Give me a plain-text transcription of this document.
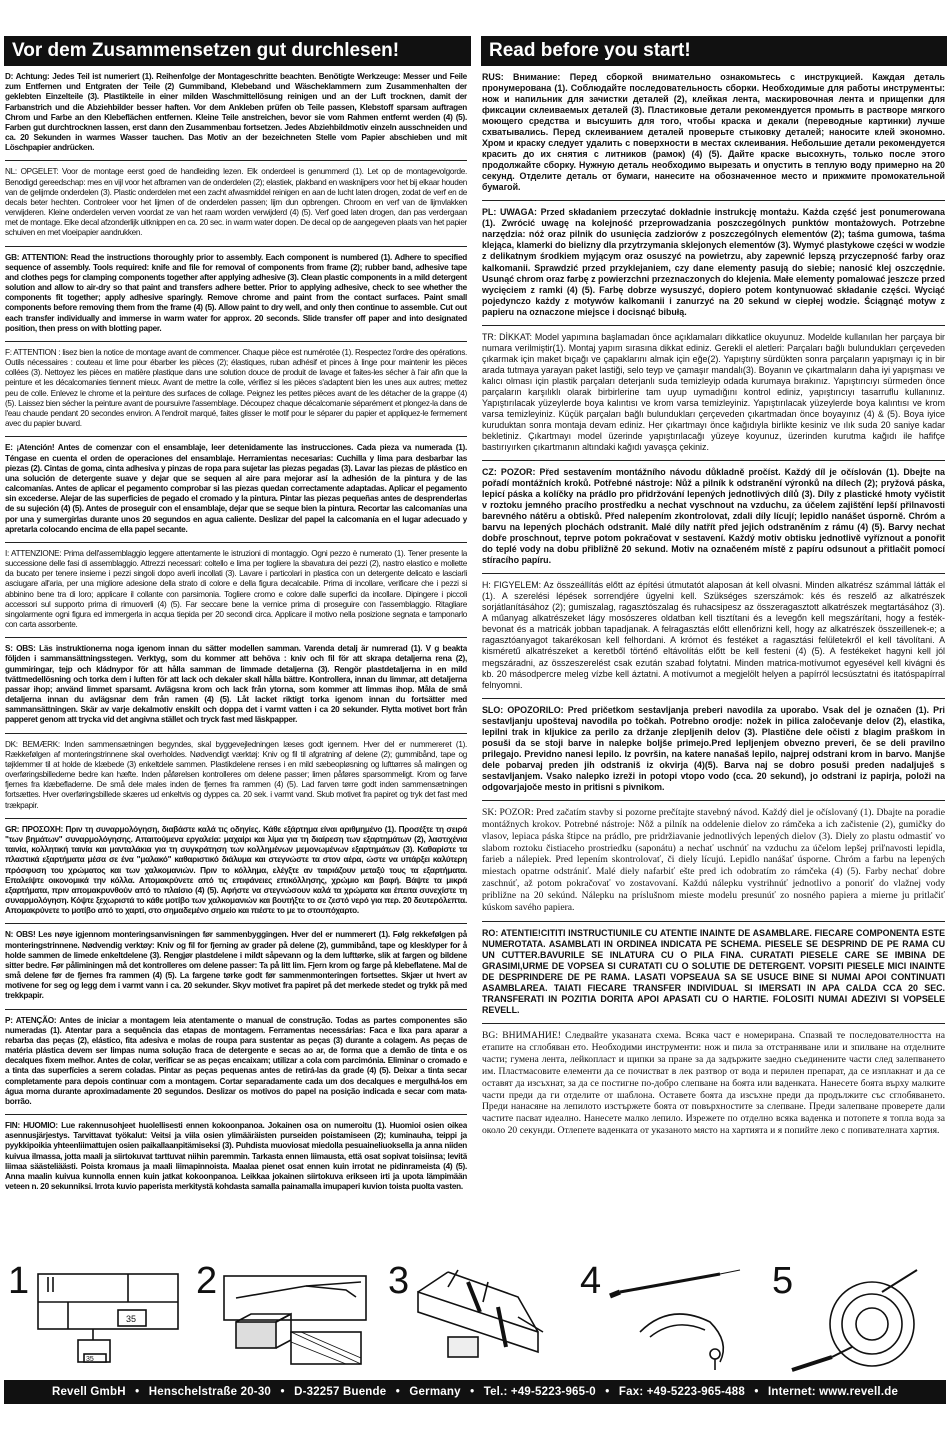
Vor dem Zusammensetzen gut durchlesen!	Read before you start!

D: Achtung: Jedes Teil ist numeriert (1). Reihenfolge der Montageschritte beachten. Benötigte Werkzeuge: Messer und Feile zum Entfernen und Entgraten der Teile (2) Gummiband, Klebeband und Wäscheklammern zum Zusammenhalten der geklebten Einzelteile (3). Plastikteile in einer milden Waschmittellösung reinigen und an der Luft trocknen, damit der Farbanstrich und die Abziehbilder besser haften. Vor dem Ankleben prüfen ob Teile passen, Klebstoff sparsam auftragen Chrom und Farbe an den Klebeflächen entfernen. Kleine Teile anstreichen, bevor sie vom Rahmen entfernt werden (4) (5). Farben gut durchtrocknen lassen, erst dann den Zusammenbau fortsetzen. Jedes Abziehbildmotiv einzeln ausschneiden und ca. 20 Sekunden in warmes Wasser tauchen. Das Motiv an der bezeichneten Stelle vom Papier abschieben und mit Löschpapier andrücken.

NL: OPGELET: Voor de montage eerst goed de handleiding lezen. Elk onderdeel is genummerd (1). Let op de montagevolgorde. Benodigd gereedschap: mes en vijl voor het afbramen van de onderdelen (2); elastiek, plakband en wasknijpers voor het bij elkaar houden van de gelijmde onderdelen (3). Plastic onderdelen met een zacht afwasmiddel reinigen en aan de lucht laten drogen, zodat de verf en de decals beter hechten. Controleer voor het lijmen of de onderdelen passen; lijm dun opbrengen. Chroom en verf van de lijmvlakken verwijderen. Kleine onderdelen verven voordat ze van het raam worden verwijderd (4) (5). Verf goed laten drogen, dan pas verdergaan met de montage. Elke decal afzonderlijk uitknippen en ca. 20 sec. in warm water dopen. De decal op de aangegeven plaats van het papier schuiven en met vloeipapier aandrukken.

GB: ATTENTION: Read the instructions thoroughly prior to assembly. Each component is numbered (1). Adhere to specified sequence of assembly. Tools required: knife and file for removal of components from frame (2); rubber band, adhesive tape and clothes pegs for clamping components together after applying adhesive (3). Clean plastic components in a mild detergent solution and allow to air-dry so that paint and transfers adhere better. Prior to applying adhesive, check to see whether the components fit together; apply adhesive sparingly. Remove chrome and paint from the contact surfaces. Paint small components before removing them from the frame (4) (5). Allow paint to dry well, and only then continue to assemble. Cut out each transfer individually and immerse in warm water for approx. 20 seconds. Slide transfer off paper and into designated position, then press on with blotting paper.

F: ATTENTION : lisez bien la notice de montage avant de commencer. Chaque pièce est numérotée (1). Respectez l'ordre des opérations. Outils nécessaires : couteau et lime pour ébarber les pièces (2); élastiques, ruban adhésif et pinces à linge pour maintenir les pièces collées (3). Nettoyez les pièces en matière plastique dans une solution douce de produit de lavage et faites-les sécher à l'air afin que la peinture et les décalcomanies tiennent mieux. Avant de mettre la colle, vérifiez si les pièces s'adaptent bien les unes aux autres; mettez peu de colle. Enlevez le chrome et la peinture des surfaces de collage. Peignez les petites pièces avant de les détacher de la grappe (4)(5). Laissez bien sécher la peinture avant de poursuivre l'assemblage. Découpez chaque décalcomanie séparément et plongez-la dans de l'eau chaude pendant 20 secondes environ. A l'endroit marqué, faites glisser le motif pour le séparer du papier et appliquez-le fermement avec du papier buvard.

E: ¡Atención! Antes de comenzar con el ensamblaje, leer detenidamente las instrucciones. Cada pieza va numerada (1). Téngase en cuenta el orden de operaciones del ensamblaje. Herramientas necesarias: Cuchilla y lima para desbarbar las piezas (2). Cintas de goma, cinta adhesiva y pinzas de ropa para sujetar las piezas pegadas (3). Lavar las piezas de plástico en una solución de detergente suave y dejar que se sequen al aire para mejorar así la adhesión de la pintura y de las calcomanías. Antes de aplicar el pegamento comprobar si las piezas quedan correctamente adaptadas. Aplicar el pegamento sin excederse. Alejar de las superficies de pegado el cromado y la pintura. Pintar las piezas pequeñas antes de desprenderlas de su sujeción (4) (5). Antes de proseguir con el ensamblaje, dejar que se seque bien la pintura. Recortar las calcomanías una por una y sumergirlas durante unos 20 segundos en agua caliente. Deslizar del papel la calcomanía en el lugar adecuado y apretarla colocando encima de ella papel secante.

I: ATTENZIONE: Prima dell'assemblaggio leggere attentamente le istruzioni di montaggio. Ogni pezzo è numerato (1). Tener presente la successione delle fasi di assemblaggio. Attrezzi necessari: coltello e lima per togliere la sbavatura dei pezzi (2), nastro elastico e mollette da bucato per tenere insieme i pezzi singoli dopo averli incollati (3). Lavare i particolari in plastica con un detergente delicato e lasciarli asciugare all'aria, per una migliore adesione della strato di colore e della figura decalcabile. Prima di incollare, verificare che i pezzi si abbinino bene tra di loro; applicare il collante con parsimonia. Togliere cromo e colore dalle superfici da incollare. Dipingere i piccoli accessori sul supporto prima di rimuoverli (4) (5). Far seccare bene la vernice prima di proseguire con l'assemblaggio. Ritagliare singolarmente ogni figura ed immergerla in acqua tiepida per 20 secondi circa. Applicare il motivo nella posizione segnata e tamponarlo con carta assorbente.

S: OBS: Läs instruktionerna noga igenom innan du sätter modellen samman. Varenda detalj är numrerad (1). V g beakta följden i sammansättningsstegen. Verktyg, som du kommer att behöva : kniv och fil för att skrapa detaljerna rena (2), gummiringar, tejp och kládnypor för att hålla samman de limmade detaljerna (3). Rengör plastdetaljerna in en mild tvättmedellösning och torka dem i luften för att lack och dekaler skall hålla bättre. Kontrollera, innan du limmar, att detaljerna passar ihop; använd limmet sparsamt. Avlägsna krom och lack från ytorna, som kommer att limmas ihop. Måla de små detaljerna innan du avlägsnar dem från ramen (4) (5). Låt lacket riktigt torka igenom innan du fortsätter med sammansättningen. Skär av varje dekalmotiv enskilt och doppa det i varmt vatten i ca 20 sekunder. Flytta motivet bort från papperet genom att trycka vid det angivna stället och tryck fast med läskpapper.

DK: BEMÆRK: Inden sammensætningen begyndes, skal byggevejledningen læses godt igennem. Hver del er nummereret (1). Rækkefølgen af monteringstrinnene skal overholdes. Nødvendigt værktøj: Kniv og fil til afgratning af delene (2); gummibånd, tape og tøjklemmer til at holde de klæbede (3) enkeltdele sammen. Plastikdelene renses i en mild sæbeopløsning og lufttørres så malingen og overføringsbillederne bedre kan hæfte. Inden påførelsen kontrolleres om delene passer; limen påføres sparsommeligt. Krom og farve fjernes fra klæbefladerne. De små dele males inden de fjernes fra rammen (4) (5). Lad farven tørre godt inden sammensætningen fortsættes. Hver overføringsbillede skæres ud enkeltvis og dyppes ca. 20 sek. i varmt vand. Skub motivet fra papiret og tryk det fast med trækpapir.

GR: ΠΡΟΣΟΧΗ: Πριν τη συναρμολόγηση, διαβάστε καλά τις οδηγίες. Κάθε εξάρτημα είναι αριθμημένο (1). Προσέξτε τη σειρά "των βημάτων" συναρμολόγησης. Απαιτούμενα εργαλεία: μαχαίρι και λίμα για τη διαίρεση των εξαρτημάτων (2), λαστιχένια ταινία, κολλητική ταινία και μανταλάκια για τη συγκράτηση των κολλημένων μεμονωμένων εξαρτημάτων (3). Καθαρίστε τα πλαστικά εξαρτήματα μέσα σε ένα "μαλακό" καθαριστικό διάλυμα και στεγνώστε τα στον αέρα, ώστε να υπάρξει καλύτερη πρόσφυση του χρώματος και των χαλκομανιών. Πριν το κόλλημα, ελέγξτε αν ταιριάζουν μεταξύ τους τα εξαρτήματα. Επαλείψτε οικονομικά την κόλλα. Απομακρύνετε από τις επιφάνειες επικόλλησης, χρώμιο και βαφή. Βάψτε τα μικρά εξαρτήματα, πριν απομακρυνθούν από το πλαίσιο (4) (5). Αφήστε να στεγνώσουν καλά τα χρώματα και έπειτα συνεχίστε τη συναρμολόγηση. Κόψτε ξεχωριστά το κάθε μοτίβο των χαλκομανιών και βουτήξτε το σε ζεστό νερό για περ. 20 δευτερόλεπτα. Απομακρύνετε το μοτίβο από το χαρτί, στο σημαδεμένο σημείο και πιέστε το με το στουπόχαρτο.

N: OBS! Les nøye igjennom monteringsanvisningen før sammenbyggingen. Hver del er nummerert (1). Følg rekkefølgen på monteringstrinnene. Nødvendig verktøy: Kniv og fil for fjerning av grader på delene (2), gummibånd, tape og klesklyper for å holde sammen de limede enkeltdelene (3). Rengjør plastdelene i mildt såpevann og la dem lufttørke, slik at fargen og bildene sitter bedre. Før påliminingen må det kontrolleres om delene passer: Ta på litt lim. Fjern krom og farge på klebeflatene. Mal de små delene før de fjernes fra rammen (4) (5). La fargene tørke godt før sammenmonteringen fortsettes. Skjær ut hvert av motivene for seg og legg dem i varmt vann i ca. 20 sekunder. Skyv motivet fra papiret på det merkede stedet og trykk på med trekkpapir.

P: ATENÇÃO: Antes de iniciar a montagem leia atentamente o manual de construção. Todas as partes componentes são numeradas (1). Atentar para a sequência das etapas de montagem. Ferramentas necessárias: Faca e lixa para aparar a rebarba das peças (2), elástico, fita adesiva e molas de roupa para sustentar as peças (3) durante a colagem. As peças de matéria plástica devem ser limpas numa solução fraca de detergente e secas ao ar, de forma que a demão de tinta e os decalques fixem melhor. Antes de colar, verificar se as peças encaixam; utilizar a cola com parcimónia. Eliminar o cromado e a tinta das superfícies a serem coladas. Pintar as peças pequenas antes de retirá-las da grade (4) (5). Deixar a tinta secar completamente para depois continuar com a montagem. Cortar separadamente cada um dos decalques e mergulhá-los em água morna durante aproximadamente 20 segundos. Deslizar os motivos do papel na posição indicada e secar com mata-borrão.

FIN: HUOMIO: Lue rakennusohjeet huolellisesti ennen kokoonpanoa. Jokainen osa on numeroitu (1). Huomioi osien oikea asennusjärjestys. Tarvittavat työkalut: Veitsi ja viila osien ylimääräisten purseiden poistamiseen (2); kuminauha, teippi ja pyykkipoikia yhteenliimattujen osien paikallaanpitämiseksi (3). Puhdista muoviosat miedolla pesuaineliuoksella ja anna niiden kuivua ilmassa, jotta maali ja siirtokuvat tarttuvat niihin paremmin. Tarkasta ennen liimausta, että osat sopivat toisiinsa; levitä liimaa säästeliäästi. Poista kromaus ja maali liimapinnoista. Maalaa pienet osat ennen kuin irrotat ne pidinrameista (4) (5). Anna maalin kuivua kunnolla ennen kuin jatkat kokoonpanoa. Leikkaa jokainen siirtokuva erikseen irti ja upota lämpimään veteen n. 20 sekunniksi. Irrota kuvio paperista merkitystä kohdasta samalla painamalla imupaperi kuvion toista puolta vasten.

RUS: Внимание: Перед сборкой внимательно ознакомьтесь с инструкцией. Каждая деталь пронумерована (1). Соблюдайте последовательность сборки. Необходимые для работы инструменты: нож и напильник для зачистки деталей (2), клейкая лента, маскировочная лента и прищепки для фиксации склеиваемых деталей (3). Пластиковые детали рекомендуется промыть в растворе мягкого моющего средства и высушить для того, чтобы краска и декали (переводные картинки) лучше схватывались. Перед склеиванием деталей проверьте стыковку деталей; наносите клей экономно. Хром и краску следует удалить с поверхности в местах склеивания. Небольшие детали рекомендуется красить до их снятия с литников (рамок) (4) (5). Дайте краске высохнуть, только после этого продолжайте сборку. Нужную деталь необходимо вырезать и опустить в теплую воду примерно на 20 секунд. Отделите деталь от бумаги, нанесите на обозначенное место и прижмите промокательной бумагой.

PL: UWAGA: Przed składaniem przeczytać dokładnie instrukcję montażu. Każda część jest ponumerowana (1). Zwrócić uwagę na kolejność przeprowadzania poszczególnych punktów montażowych. Potrzebne narzędzia: nóż oraz pilnik do usunięcia zadziorów z poszczególnych elementów (2); taśma gumowa, taśma klejąca, klamerki do bielizny dla przytrzymania sklejonych elementów (3). Wymyć plastykowe części w wodzie z delikatnym środkiem myjącym oraz osuszyć na powietrzu, aby zapewnić lepszą przyczepność farby oraz kalkomanii. Sprawdzić przed przyklejaniem, czy dane elementy pasują do siebie; nanosić klej oszczędnie. Usunąć chrom oraz farbę z powierzchni przeznaczonych do klejenia. Małe elementy pomalować jeszcze przed wycięciem z ramki (4) (5). Farbę dobrze wysuszyć, dopiero potem kontynuować składanie części. Wyciąć pojedynczo każdy z motywów kalkomanii i zanurzyć na 20 sekund w ciepłej wodzie. Ściągnąć motyw z papieru na oznaczone miejsce i docisnąć bibułą.

TR: DİKKAT: Model yapımına başlamadan önce açıklamaları dikkatlice okuyunuz. Modelde kullanılan her parçaya bir numara verilmiştir(1). Montaj yapım sırasına dikkat ediniz. Gerekli el aletleri: Parçaları bağlı bulundukları çerçeveden çıkarmak için maket bıçağı ve çapaklarını almak için eğe(2). Yapıştırıy sürdükten sonra parçaların yapışmayı iç in bir arada tutmaya yarayan paket lastiği, selo teyp ve çamaşır mandalı(3). Boyanın ve çıkartmaların daha iyi yapışması ve kalıcı olması için plastik parçaları deterjanlı suda temizleyip odada kurumaya bırakınız. Yapıştırıcıyı sürmeden önce parçaların karşılıklı olarak birbirlerine tam uyup uymadığını kontrol ediniz, yapıştırıcıyı tasarruflu kullanınız. Yapıştırılacak yüzeylerde boya kalıntısı ve krom varsa temizleyiniz. Yapıştırılacak yüzeylerde boya kalıntısı ve krom varsa temizleyiniz. Küçük parçaları bağlı bulundukları çerçeveden çıkartmadan önce boyayınız (4) & (5). Boya iyice kuruduktan sonra montaja devam ediniz. Her çıkartmayı önce kağıdıyla birlikte kesiniz ve ılık suda 20 saniye kadar bekletiniz. Çıkartmayı model üzerinde yapıştırılacağı yüzeye koyunuz, üzerinden kurutma kağıdı ile hafifçe bastırıyırken çıkartmanın altındaki kağıdı yavaşça çekiniz.

CZ: POZOR: Před sestavením montážního návodu důkladně pročíst. Každý díl je očíslován (1). Dbejte na pořadí montážních kroků. Potřebné nástroje: Nůž a pilník k odstranění výronků na dílech (2); pryžová páska, lepicí páska a kolíčky na prádlo pro přidržování lepených jednotlivých dílů (3). Díly z plastické hmoty vyčistit v roztoku jemného pracího prostředku a nechat vyschnout na vzduchu, za účelem zajištění lepší přilnavosti barevného nátěru a obtisků. Před nalepením zkontrolovat, zdali díly lícují; lepidlo nanášet úsporně. Chróm a barvu na lepených plochách odstranit. Malé díly natřít před jejich odstraněním z rámu (4) (5). Barvy nechat dobře proschnout, teprve potom pokračovat v sestavení. Každý motiv obtisku jednotlivě vyříznout a ponořit do teplé vody na dobu přibližně 20 sekund. Motiv na označeném místě z papíru odsunout a přitlačit pomocí stíracího papíru.

H: FIGYELEM: Az összeállítás előtt az építési útmutatót alaposan át kell olvasni. Minden alkatrész számmal látták el (1). A szerelési lépések sorrendjére ügyelni kell. Szükséges szerszámok: kés és reszelő az alkatrészek sorjátlanításához (2); gumiszalag, ragasztószalag és ruhacsipesz az összeragasztott alkatrészek megtartásához (3). A műanyag alkatrészeket lágy mosószeres oldatban kell tisztítani és a levegőn kell megszárítani, hogy a festék-bevonat és a matricák jobban tapadjanak. A felragasztás előtt ellenőrizni kell, hogy az alkatrészek összeillenek-e; a ragasztóanyagot takarékosan kell felhordani. A krómot és festéket a ragasztási felületekről el kell távolítani. A kisméretű alkatrészeket a keretből történő eltávolítás előtt be kell festeni (4) (5). A festékeket hagyni kell jól megszáradni, az összeszerelést csak ezután szabad folytatni. Minden matrica-motívumot egyesével kell kivágni és kb. 20 másodpercre meleg vízbe kell áztatni. A motívumot a megjelölt helyen a papírról lecsúsztatni és itatóspapírral felnyomni.

SLO: OPOZORILO: Pred pričetkom sestavljanja preberi navodila za uporabo. Vsak del je označen (1). Pri sestavljanju upoštevaj navodila po točkah. Potrebno orodje: nožek in pilica zaločevanje delov (2), elastika, lepilni trak in kljukice za perilo za držanje zlepljenih delov (3). Plastične dele očisti z blagim praškom in posuši da se stoji barve in nalepke boljše primejo.Pred lepljenjem obvezno preveri, če se deli pravilno prilegajo. Previdno nanesi lepilo. Iz površin, na katere nanašaš lepilo, najprej odstrani krom in barvo. Manjše dele pobarvaj preden jih odstraniš iz okvirja (4)(5). Barva naj se dobro posuši preden nadaljuješ s sestavljanjem. Vsako nalepko izreži in potopi vtopo vodo (cca. 20 sekund), jo odstrani iz papirja, položi na odgovarjajoče mesto in pritisni s pivnikom.

SK: POZOR: Pred začatím stavby si pozorne prečítajte stavebný návod. Každý diel je očíslovaný (1). Dbajte na poradie montážnych krokov. Potrebné nástroje: Nôž a pilník na oddelenie dielov zo rámčeka a ich začistenie (2), gumičky do vlasov, lepiaca páska štipce na prádlo, pre pridržiavanie jednotlivých lepených dielov (3). Diely zo plastu odmastiť vo slabom roztoku čistiaceho prostriedku (saponátu) a nechať uschnúť na vzduchu za účelom lepšej priľnavosti lepidla, farieb a nálepiek. Pred lepením skontrolovať, či diely lícujú. Lepidlo nanášať úsporne. Chróm a farbu na lepených miestach opatrne odstrániť. Malé diely nafarbiť ešte pred ich odobratím zo rámčeka (4) (5). Farby nechať dobre zaschnúť, až potom pokračovať vo zostavovaní. Každú nálepku vystrihnúť jednotlivo a ponoriť do vlažnej vody približne na 20 sekúnd. Nálepku na príslušnom mieste modelu presunúť zo nosného papiera a mierne ju pritlačiť kúskom savého papiera.

RO: ATENTIE!CITITI INSTRUCTIUNILE CU ATENTIE INAINTE DE ASAMBLARE. FIECARE COMPONENTA ESTE NUMEROTATA. ASAMBLATI IN ORDINEA INDICATA PE SCHEMA. PIESELE SE DESPRIND DE PE RAMA CU UN CUTTER.BAVURILE SE INLATURA CU O PILA FINA. CURATATI PIESELE CARE SE IMBINA DE GRASIMI,URME DE VOPSEA SI CURATATI CU O SOLUTIE DE DETERGENT. VOPSITI PIESELE MICI INAINTE DE DESPRINDERE DE PE RAMA. LASATI VOPSEAUA SA SE USUCE BINE SI NUMAI APOI CONTINUATI ASAMBLAREA. TAIATI FIECARE TRANSFER INDIVIDUAL SI IMERSATI IN APA CALDA CCA 20 SEC. TRANSFERATI IN POZITIA DORITA APOI APASATI CU O HARTIE. FOLOSITI NUMAI ADEZIVI SI VOPSELE REVELL.

BG: ВНИМАНИЕ! Следвайте указаната схема. Всяка част е номерирана. Спазвай те последователността на етапите на сглобяван ето. Необходими инструменти: нож и пила за отстраняване или и зпилване на отделните части; гумена лента, лейкопласт и щипки за пране за да задържите заедно съединените части след залепването им. Пластмасовите елементи да се почистват в лек разтвор от вода и перилен препарат, да се изплакнат и да се оставят да изсъхнат, за да се постигне по-добро слепване на боята или ваденката. Нанесете боята върху малките части преди да ги отделите от шаблона. Оставете боята да изсъхне преди да продължите със сглобяването. Преди нанасяне на лепилото изстържете боята от повърхностите за слепване. Преди залепване проверете дали частите пасват идеално. Нанесете малко лепило. Изрежете по отделно всяка ваденка и потопете я топла вода за около 20 секунди. Отлепете ваденката от указаното място на хартията и я попийте леко с попивателната хартия.

1
35
35
2	3	4	5
Revell GmbH • Henschelstraße 20-30 • D-32257 Buende • Germany • Tel.: +49-5223-965-0 • Fax: +49-5223-965-488 • Internet: www.revell.de
